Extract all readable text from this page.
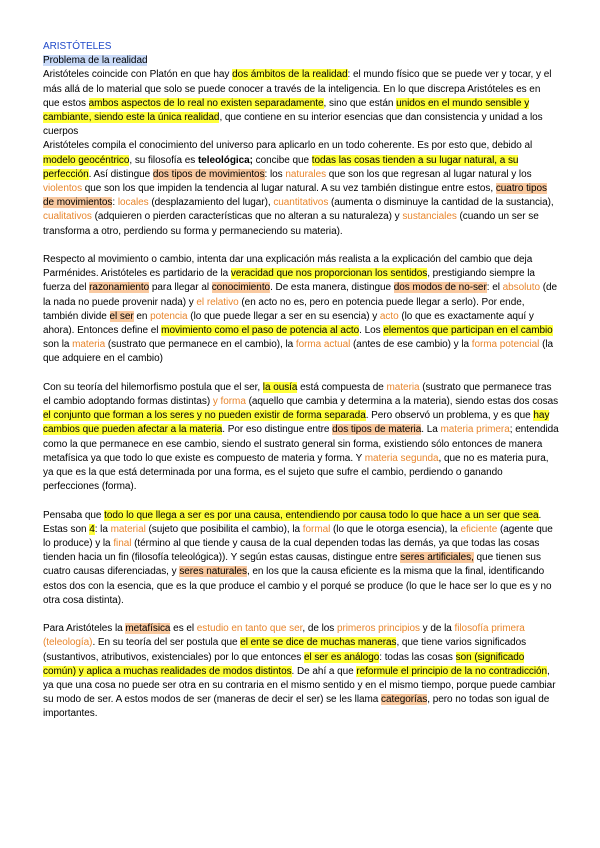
ARISTÓTELES
Problema de la realidad

Aristóteles coincide con Platón en que hay dos ámbitos de la realidad: el mundo físico que se puede ver y tocar, y el más allá de lo material que solo se puede conocer a través de la inteligencia. En lo que discrepa Aristóteles es en que estos ambos aspectos de lo real no existen separadamente, sino que están unidos en el mundo sensible y cambiante, siendo este la única realidad, que contiene en su interior esencias que dan consistencia y unidad a los cuerpos

Aristóteles compila el conocimiento del universo para aplicarlo en un todo coherente. Es por esto que, debido al modelo geocéntrico, su filosofía es teleológica; concibe que todas las cosas tienden a su lugar natural, a su perfección. Así distingue dos tipos de movimientos: los naturales que son los que regresan al lugar natural y los violentos que son los que impiden la tendencia al lugar natural. A su vez también distingue entre estos, cuatro tipos de movimientos: locales (desplazamiento del lugar), cuantitativos (aumenta o disminuye la cantidad de la sustancia), cualitativos (adquieren o pierden características que no alteran a su naturaleza) y sustanciales (cuando un ser se transforma a otro, perdiendo su forma y permaneciendo su materia).

Respecto al movimiento o cambio, intenta dar una explicación más realista a la explicación del cambio que deja Parménides. Aristóteles es partidario de la veracidad que nos proporcionan los sentidos, prestigiando siempre la fuerza del razonamiento para llegar al conocimiento. De esta manera, distingue dos modos de no-ser: el absoluto (de la nada no puede provenir nada) y el relativo (en acto no es, pero en potencia puede llegar a serlo). Por ende, también divide el ser en potencia (lo que puede llegar a ser en su esencia) y acto (lo que es exactamente aquí y ahora). Entonces define el movimiento como el paso de potencia al acto. Los elementos que participan en el cambio son la materia (sustrato que permanece en el cambio), la forma actual (antes de ese cambio) y la forma potencial (la que adquiere en el cambio)

Con su teoría del hilemorfismo postula que el ser, la ousía está compuesta de materia (sustrato que permanece tras el cambio adoptando formas distintas) y forma (aquello que cambia y determina a la materia), siendo estas dos cosas el conjunto que forman a los seres y no pueden existir de forma separada. Pero observó un problema, y es que hay cambios que pueden afectar a la materia. Por eso distingue entre dos tipos de materia. La materia primera; entendida como la que permanece en ese cambio, siendo el sustrato general sin forma, existiendo sólo entonces de manera metafísica ya que todo lo que existe es compuesto de materia y forma. Y materia segunda, que no es materia pura, ya que es la que está determinada por una forma, es el sujeto que sufre el cambio, perdiendo o ganando perfecciones (forma).

Pensaba que todo lo que llega a ser es por una causa, entendiendo por causa todo lo que hace a un ser que sea. Estas son 4: la material (sujeto que posibilita el cambio), la formal (lo que le otorga esencia), la eficiente (agente que lo produce) y la final (término al que tiende y causa de la cual dependen todas las demás, ya que todas las cosas tienden hacia un fin (filosofía teleológica)). Y según estas causas, distingue entre seres artificiales, que tienen sus cuatro causas diferenciadas, y seres naturales, en los que la causa eficiente es la misma que la final, identificando estos dos con la esencia, que es la que produce el cambio y el porqué se produce (lo que le hace ser lo que es y no otra cosa distinta).

Para Aristóteles la metafísica es el estudio en tanto que ser, de los primeros principios y de la filosofía primera (teleología). En su teoría del ser postula que el ente se dice de muchas maneras, que tiene varios significados (sustantivos, atributivos, existenciales) por lo que entonces el ser es análogo: todas las cosas son (significado común) y aplica a muchas realidades de modos distintos. De ahí a que reformule el principio de la no contradicción, ya que una cosa no puede ser otra en su contraria en el mismo sentido y en el mismo tiempo, porque puede cambiar su modo de ser. A estos modos de ser (maneras de decir el ser) se les llama categorías, pero no todas son igual de importantes.
